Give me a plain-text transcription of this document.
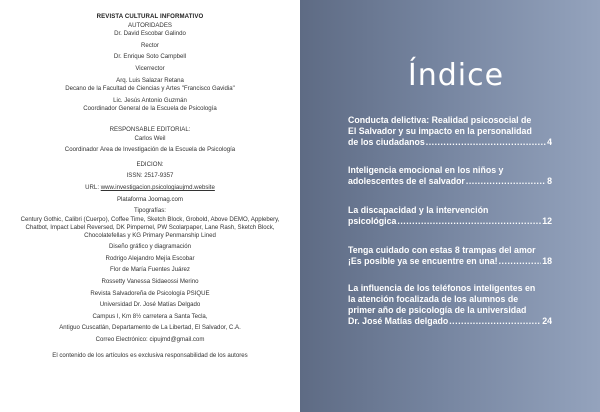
REVISTA CULTURAL INFORMATIVO
AUTORIDADES
Dr. David Escobar Galindo
Rector
Dr. Enrique Soto Campbell
Vicerrector
Arq. Luis Salazar Retana
Decano de la Facultad de Ciencias y Artes "Francisco Gavidia"
Lic. Jesús Antonio Guzmán
Coordinador General de la Escuela de Psicología
RESPONSABLE EDITORIAL:
Carlos Weil
Coordinador Área de Investigación de la Escuela de Psicología
EDICIÓN:
ISSN: 2517-9357
URL: www.investigacion.psicologiaujmd.website
Plataforma Joomag.com
Tipografías:
Century Gothic, Calibri (Cuerpo), Coffee Time, Sketch Block, Grobold, Above DEMO, Applebery, Chatbot, Impact Label Reversed, DK Pimpernel, PW Scolarpaper, Lane Rash, Sketch Block, Chocolatefellas y KG Primary Penmanship Lined
Diseño gráfico y diagramación
Rodrigo Alejandro Mejía Escobar
Flor de María Fuentes Juárez
Rossetty Vanessa Sidaeossi Merino
Revista Salvadoreña de Psicología PSIQUE
Universidad Dr. José Matías Delgado
Campus I, Km 8½ carretera a Santa Tecla,
Antiguo Cuscatlán, Departamento de La Libertad, El Salvador, C.A.
Correo Electrónico: cipujmd@gmail.com
El contenido de los artículos es exclusiva responsabilidad de los autores
Índice
Conducta delictiva: Realidad psicosocial de
El Salvador y su impacto en la personalidad
de los ciudadanos .....	4
Inteligencia emocional en los niños y
adolescentes de el salvador .....	8
La discapacidad y la intervención
psicológica .....	12
Tenga cuidado con estas 8 trampas del amor
¡Es posible ya se encuentre en una! .....	18
La influencia de los teléfonos inteligentes en
la atención focalizada de los alumnos de
primer año de psicología de la universidad
Dr. José Matías delgado .....	24
